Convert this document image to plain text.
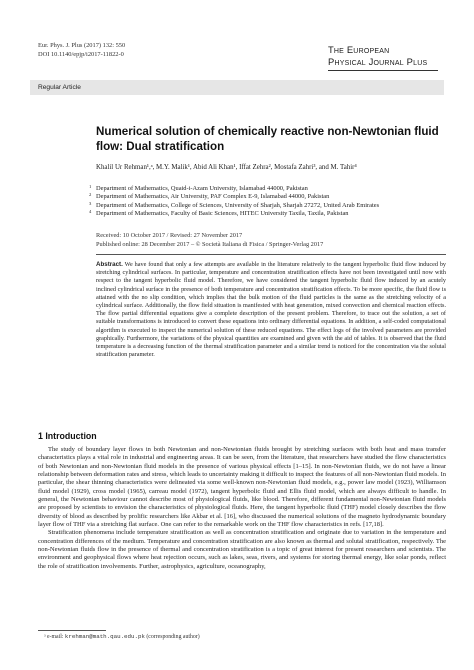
Eur. Phys. J. Plus (2017) 132: 550
DOI 10.1140/epjp/i2017-11822-0	The European
Physical Journal Plus
Regular Article
Numerical solution of chemically reactive non-Newtonian fluid flow: Dual stratification
Khalil Ur Rehman¹,ᵃ, M.Y. Malik¹, Abid Ali Khan¹, Iffat Zehra², Mostafa Zahri³, and M. Tahir⁴
1 Department of Mathematics, Quaid-i-Azam University, Islamabad 44000, Pakistan
2 Department of Mathematics, Air University, PAF Complex E-9, Islamabad 44000, Pakistan
3 Department of Mathematics, College of Sciences, University of Sharjah, Sharjah 27272, United Arab Emirates
4 Department of Mathematics, Faculty of Basic Sciences, HITEC University Taxila, Taxila, Pakistan
Received: 10 October 2017 / Revised: 27 November 2017
Published online: 28 December 2017 – © Società Italiana di Fisica / Springer-Verlag 2017
Abstract. We have found that only a few attempts are available in the literature relatively to the tangent hyperbolic fluid flow induced by stretching cylindrical surfaces. In particular, temperature and concentration stratification effects have not been investigated until now with respect to the tangent hyperbolic fluid model. Therefore, we have considered the tangent hyperbolic fluid flow induced by an acutely inclined cylindrical surface in the presence of both temperature and concentration stratification effects. To be more specific, the fluid flow is attained with the no slip condition, which implies that the bulk motion of the fluid particles is the same as the stretching velocity of a cylindrical surface. Additionally, the flow field situation is manifested with heat generation, mixed convection and chemical reaction effects. The flow partial differential equations give a complete description of the present problem. Therefore, to trace out the solution, a set of suitable transformations is introduced to convert these equations into ordinary differential equations. In addition, a self-coded computational algorithm is executed to inspect the numerical solution of these reduced equations. The effect logs of the involved parameters are provided graphically. Furthermore, the variations of the physical quantities are examined and given with the aid of tables. It is observed that the fluid temperature is a decreasing function of the thermal stratification parameter and a similar trend is noticed for the concentration via the solutal stratification parameter.
1 Introduction

The study of boundary layer flows in both Newtonian and non-Newtonian fluids brought by stretching surfaces with both heat and mass transfer characteristics plays a vital role in industrial and engineering areas. It can be seen, from the literature, that researchers have studied the flow characteristics of both Newtonian and non-Newtonian fluid models in the presence of various physical effects [1–15]. In non-Newtonian fluids, we do not have a linear relationship between deformation rates and stress, which leads to uncertainty making it difficult to inspect the features of all non-Newtonian fluid models. In particular, the shear thinning characteristics were delineated via some well-known non-Newtonian fluid models, e.g., power law model (1923), Williamson fluid model (1929), cross model (1965), carreau model (1972), tangent hyperbolic fluid and Ellis fluid model, which are always difficult to handle. In general, the Newtonian behaviour cannot describe most of physiological fluids, like blood. Therefore, different fundamental non-Newtonian fluid models are proposed by scientists to envision the characteristics of physiological fluids. Here, the tangent hyperbolic fluid (THF) model closely describes the flow diversity of blood as described by prolific researchers like Akbar et al. [16], who discussed the numerical solutions of the magneto hydrodynamic boundary layer flow of THF via a stretching flat surface. One can refer to the remarkable work on the THF flow characteristics in refs. [17,18].

Stratification phenomena include temperature stratification as well as concentration stratification and originate due to variation in the temperature and concentration differences of the medium. Temperature and concentration stratification are also known as thermal and solutal stratification, respectively. The non-Newtonian fluids flow in the presence of thermal and concentration stratification is a topic of great interest for present researchers and scientists. The environment and geophysical flows where heat rejection occurs, such as lakes, seas, rivers, and systems for storing thermal energy, like solar ponds, reflect the role of stratification involvements. Further, astrophysics, agriculture, oceanography,

ᵃ e-mail: krehman@math.qau.edu.pk (corresponding author)
